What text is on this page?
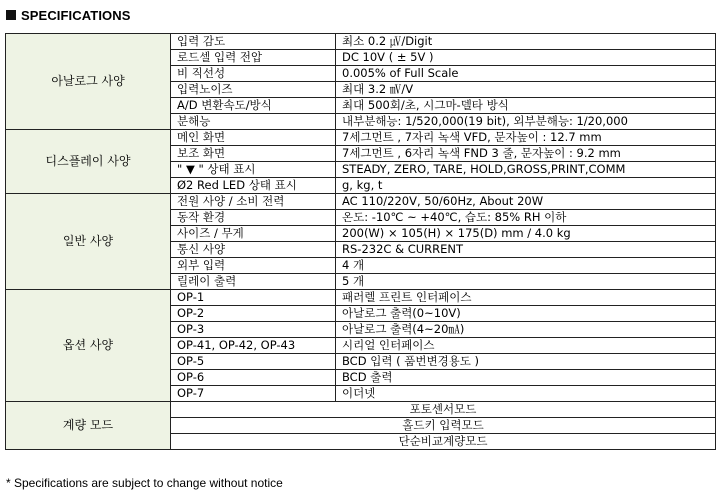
SPECIFICATIONS
아날로그 사양	입력 감도	최소 0.2 ㎶/Digit
	로드셀 입력 전압	DC 10V ( ± 5V )
	비 직선성	0.005% of Full Scale
	입력노이즈	최대 3.2 ㎷/V
	A/D 변환속도/방식	최대 500회/초, 시그마-델타 방식
	분해능	내부분해능: 1/520,000(19 bit), 외부분해능: 1/20,000
디스플레이 사양	메인 화면	7세그먼트 , 7자리 녹색 VFD, 문자높이 : 12.7 mm
	보조 화면	7세그먼트 , 6자리 녹색 FND 3 줄, 문자높이 : 9.2 mm
	" ▼ " 상태 표시	STEADY, ZERO, TARE, HOLD,GROSS,PRINT,COMM
	Ø2 Red LED 상태 표시	g, kg, t
일반 사양	전원 사양 / 소비 전력	AC 110/220V, 50/60Hz, About 20W
	동작 환경	온도: -10℃ ~ +40℃, 습도: 85% RH 이하
	사이즈 / 무게	200(W) × 105(H) × 175(D) mm / 4.0 kg
	통신 사양	RS-232C & CURRENT
	외부 입력	4 개
	릴레이 출력	5 개
옵션 사양	OP-1	패러렐 프린트 인터페이스
	OP-2	아날로그 출력(0~10V)
	OP-3	아날로그 출력(4~20㎃)
	OP-41, OP-42, OP-43	시리얼 인터페이스
	OP-5	BCD 입력 ( 품번변경용도 )
	OP-6	BCD 출력
	OP-7	이더넷
계량 모드	포토센서모드	
	홀드키 입력모드	
	단순비교계량모드	
* Specifications are subject to change without notice
